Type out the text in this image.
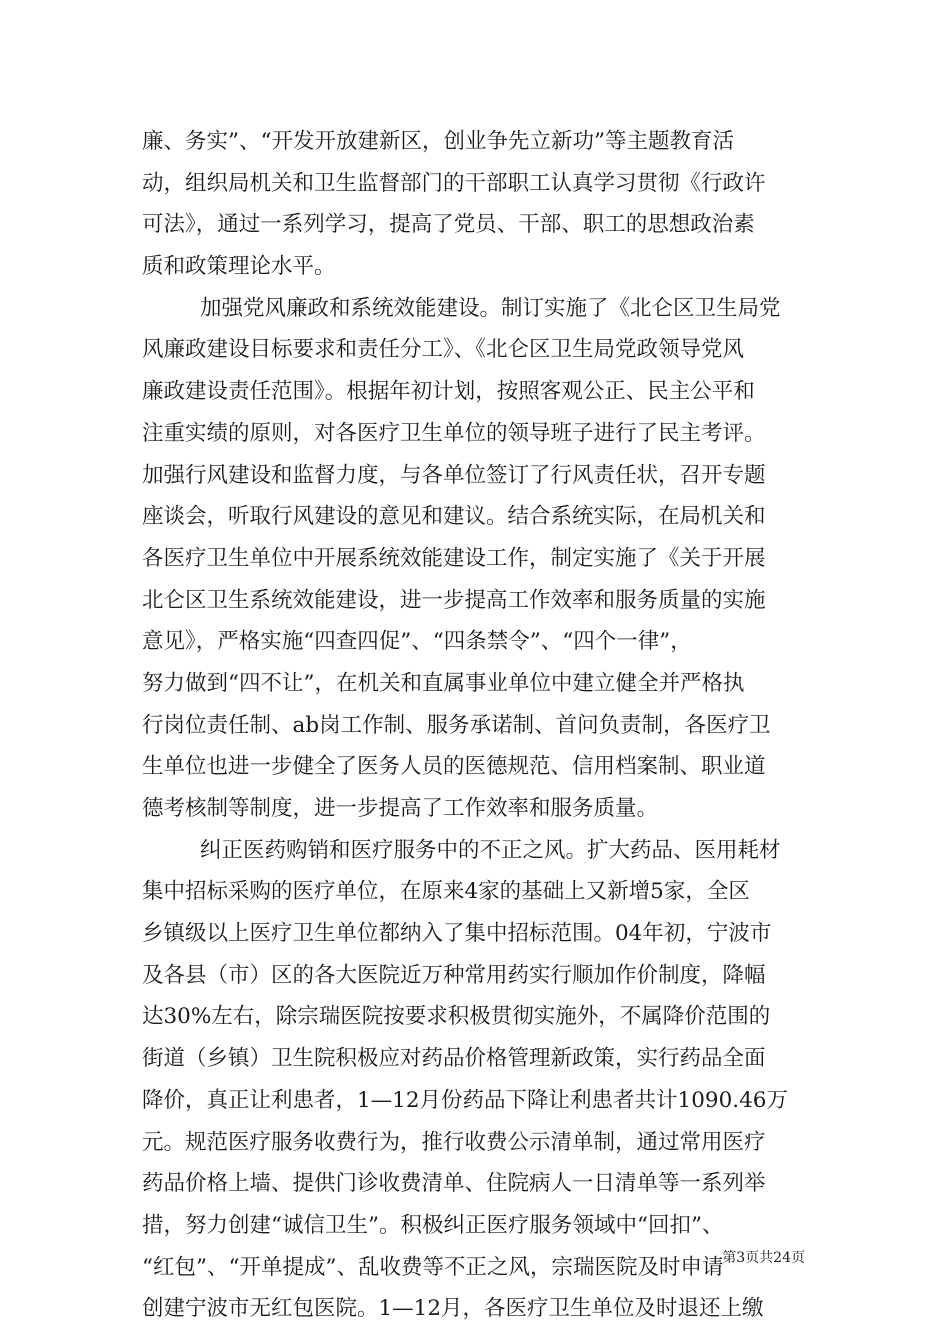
廉、务实”、“开发开放建新区，创业争先立新功”等主题教育活
动，组织局机关和卫生监督部门的干部职工认真学习贯彻《行政许
可法》，通过一系列学习，提高了党员、干部、职工的思想政治素
质和政策理论水平。
加强党风廉政和系统效能建设。制订实施了《北仑区卫生局党
风廉政建设目标要求和责任分工》、《北仑区卫生局党政领导党风
廉政建设责任范围》。根据年初计划，按照客观公正、民主公平和
注重实绩的原则，对各医疗卫生单位的领导班子进行了民主考评。
加强行风建设和监督力度，与各单位签订了行风责任状，召开专题
座谈会，听取行风建设的意见和建议。结合系统实际，在局机关和
各医疗卫生单位中开展系统效能建设工作，制定实施了《关于开展
北仑区卫生系统效能建设，进一步提高工作效率和服务质量的实施
意见》，严格实施“四查四促”、“四条禁令”、“四个一律”，
努力做到“四不让”，在机关和直属事业单位中建立健全并严格执
行岗位责任制、ab岗工作制、服务承诺制、首问负责制，各医疗卫
生单位也进一步健全了医务人员的医德规范、信用档案制、职业道
德考核制等制度，进一步提高了工作效率和服务质量。
纠正医药购销和医疗服务中的不正之风。扩大药品、医用耗材
集中招标采购的医疗单位，在原来4家的基础上又新增5家，全区
乡镇级以上医疗卫生单位都纳入了集中招标范围。04年初，宁波市
及各县（市）区的各大医院近万种常用药实行顺加作价制度，降幅
达30%左右，除宗瑞医院按要求积极贯彻实施外，不属降价范围的
街道（乡镇）卫生院积极应对药品价格管理新政策，实行药品全面
降价，真正让利患者，1—12月份药品下降让利患者共计1090.46万
元。规范医疗服务收费行为，推行收费公示清单制，通过常用医疗
药品价格上墙、提供门诊收费清单、住院病人一日清单等一系列举
措，努力创建“诚信卫生”。积极纠正医疗服务领域中“回扣”、
“红包”、“开单提成”、乱收费等不正之风，宗瑞医院及时申请
创建宁波市无红包医院。1—12月，各医疗卫生单位及时退还上缴
第3页共24页
